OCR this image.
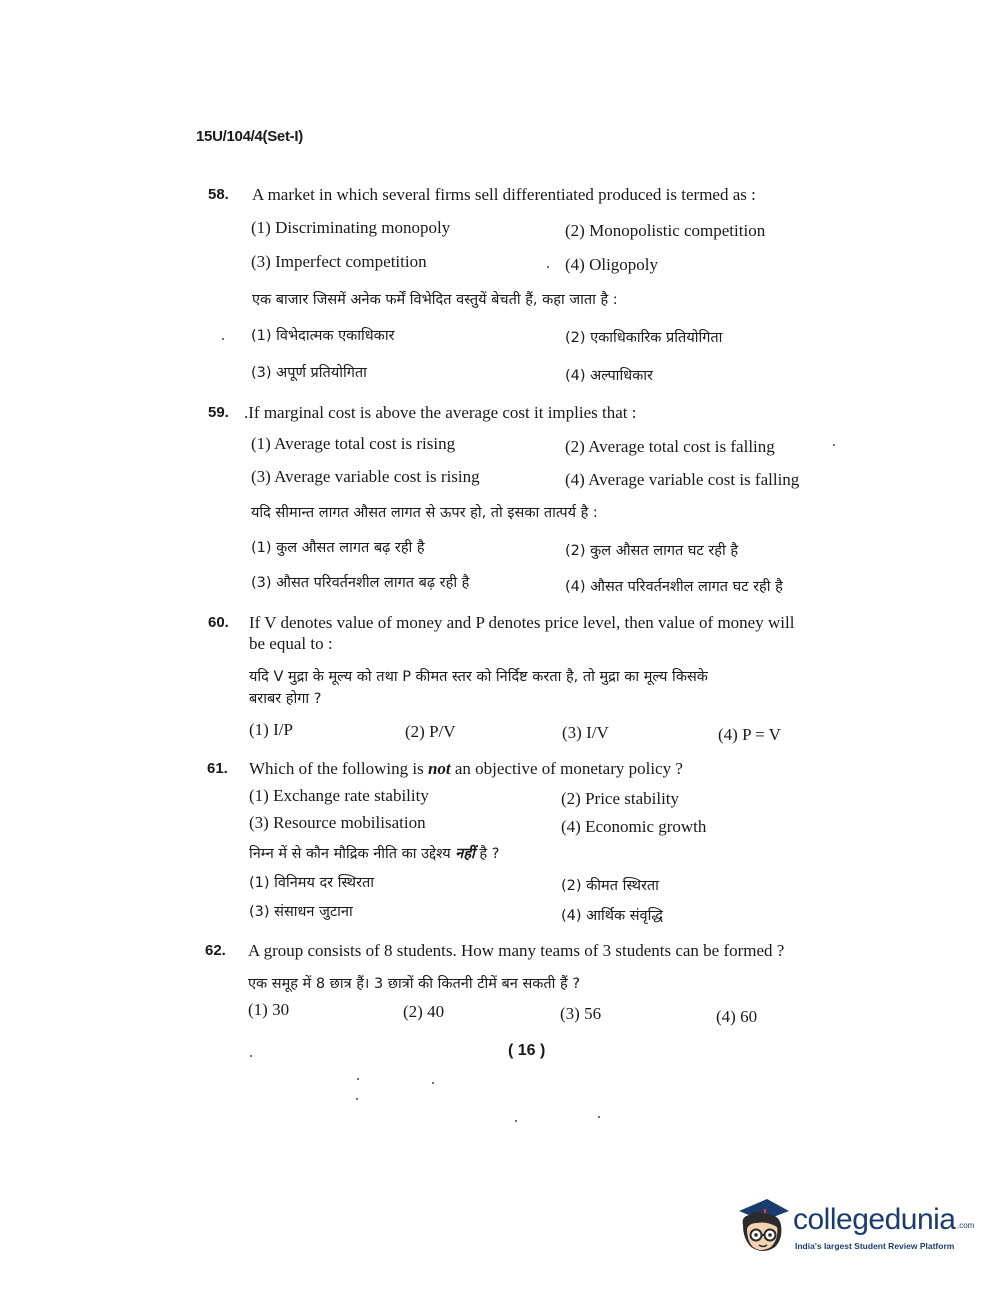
15U/104/4(Set-I)
58. A market in which several firms sell differentiated produced is termed as :
(1) Discriminating monopoly	(2) Monopolistic competition
(3) Imperfect competition	(4) Oligopoly
एक बाजार जिसमें अनेक फर्में विभेदित वस्तुयें बेचती हैं, कहा जाता है :
(1) विभेदात्मक एकाधिकार	(2) एकाधिकारिक प्रतियोगिता
(3) अपूर्ण प्रतियोगिता	(4) अल्पाधिकार
59. .If marginal cost is above the average cost it implies that :
(1) Average total cost is rising	(2) Average total cost is falling
(3) Average variable cost is rising	(4) Average variable cost is falling
यदि सीमान्त लागत औसत लागत से ऊपर हो, तो इसका तात्पर्य है :
(1) कुल औसत लागत बढ़ रही है	(2) कुल औसत लागत घट रही है
(3) औसत परिवर्तनशील लागत बढ़ रही है	(4) औसत परिवर्तनशील लागत घट रही है
60. If V denotes value of money and P denotes price level, then value of money will
be equal to :
यदि V मुद्रा के मूल्य को तथा P कीमत स्तर को निर्दिष्ट करता है, तो मुद्रा का मूल्य किसके
बराबर होगा ?
(1) I/P	(2) P/V	(3) I/V	(4) P = V
61. Which of the following is not an objective of monetary policy ?
(1) Exchange rate stability	(2) Price stability
(3) Resource mobilisation	(4) Economic growth
निम्न में से कौन मौद्रिक नीति का उद्देश्य नहीं है ?
(1) विनिमय दर स्थिरता	(2) कीमत स्थिरता
(3) संसाधन जुटाना	(4) आर्थिक संवृद्धि
62. A group consists of 8 students. How many teams of 3 students can be formed ?
एक समूह में 8 छात्र हैं। 3 छात्रों की कितनी टीमें बन सकती हैं ?
(1) 30	(2) 40	(3) 56	(4) 60
( 16 )
collegedunia .com
India's largest Student Review Platform
